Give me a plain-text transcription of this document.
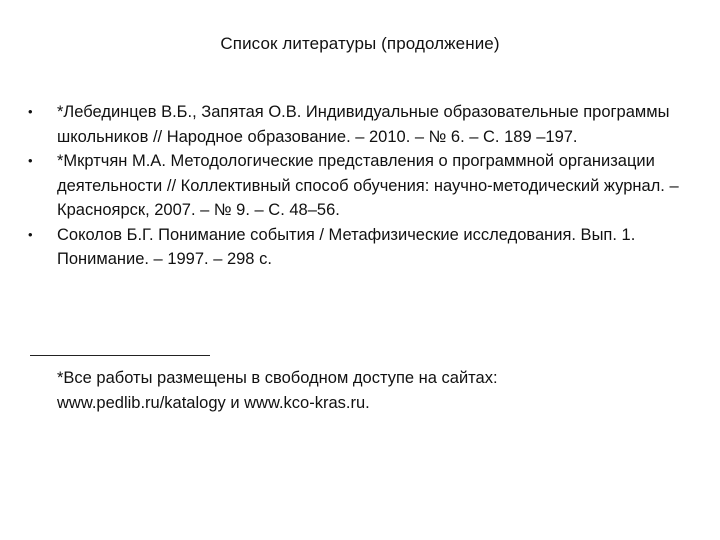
Список литературы (продолжение)
•	*Лебединцев В.Б., Запятая О.В. Индивидуальные образовательные программы школьников // Народное образование. – 2010. – № 6. – С. 189 –197.
•	*Мкртчян М.А. Методологические представления о программной организации деятельности // Коллективный способ обучения: научно-методический журнал. – Красноярск, 2007. – № 9. – С. 48–56.
•	Соколов Б.Г. Понимание события / Метафизические исследования. Вып. 1. Понимание. – 1997. – 298 с.
*Все работы размещены в свободном доступе на сайтах:
www.pedlib.ru/katalogy и www.kco-kras.ru.
